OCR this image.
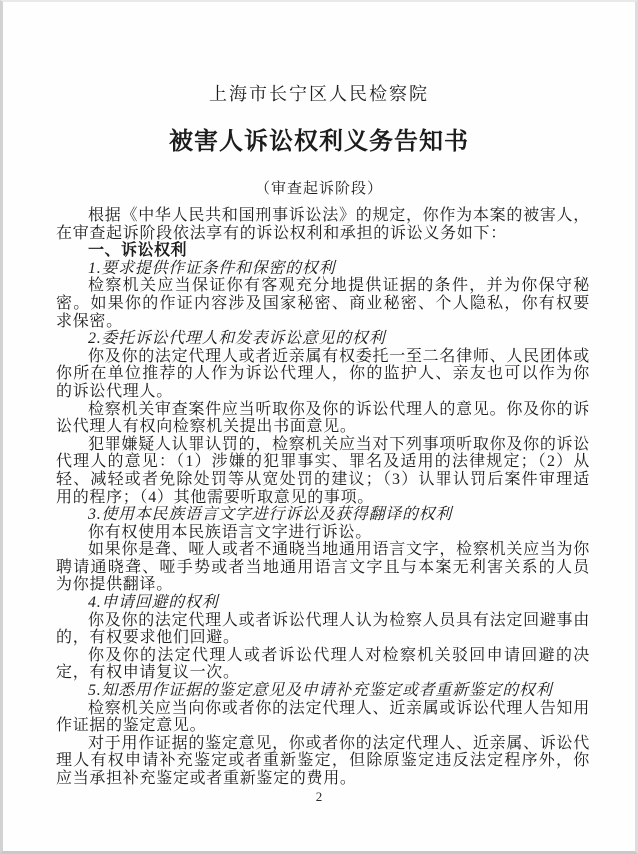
上海市长宁区人民检察院
被害人诉讼权利义务告知书
（审查起诉阶段）

根据《中华人民共和国刑事诉讼法》的规定，你作为本案的被害人，在审查起诉阶段依法享有的诉讼权利和承担的诉讼义务如下：

一、诉讼权利

1.要求提供作证条件和保密的权利

检察机关应当保证你有客观充分地提供证据的条件，并为你保守秘密。如果你的作证内容涉及国家秘密、商业秘密、个人隐私，你有权要求保密。

2.委托诉讼代理人和发表诉讼意见的权利

你及你的法定代理人或者近亲属有权委托一至二名律师、人民团体或你所在单位推荐的人作为诉讼代理人，你的监护人、亲友也可以作为你的诉讼代理人。

检察机关审查案件应当听取你及你的诉讼代理人的意见。你及你的诉讼代理人有权向检察机关提出书面意见。

犯罪嫌疑人认罪认罚的，检察机关应当对下列事项听取你及你的诉讼代理人的意见：（1）涉嫌的犯罪事实、罪名及适用的法律规定；（2）从轻、减轻或者免除处罚等从宽处罚的建议；（3）认罪认罚后案件审理适用的程序；（4）其他需要听取意见的事项。

3.使用本民族语言文字进行诉讼及获得翻译的权利

你有权使用本民族语言文字进行诉讼。

如果你是聋、哑人或者不通晓当地通用语言文字，检察机关应当为你聘请通晓聋、哑手势或者当地通用语言文字且与本案无利害关系的人员为你提供翻译。

4.申请回避的权利

你及你的法定代理人或者诉讼代理人认为检察人员具有法定回避事由的，有权要求他们回避。

你及你的法定代理人或者诉讼代理人对检察机关驳回申请回避的决定，有权申请复议一次。

5.知悉用作证据的鉴定意见及申请补充鉴定或者重新鉴定的权利

检察机关应当向你或者你的法定代理人、近亲属或诉讼代理人告知用作证据的鉴定意见。

对于用作证据的鉴定意见，你或者你的法定代理人、近亲属、诉讼代理人有权申请补充鉴定或者重新鉴定，但除原鉴定违反法定程序外，你应当承担补充鉴定或者重新鉴定的费用。

2
